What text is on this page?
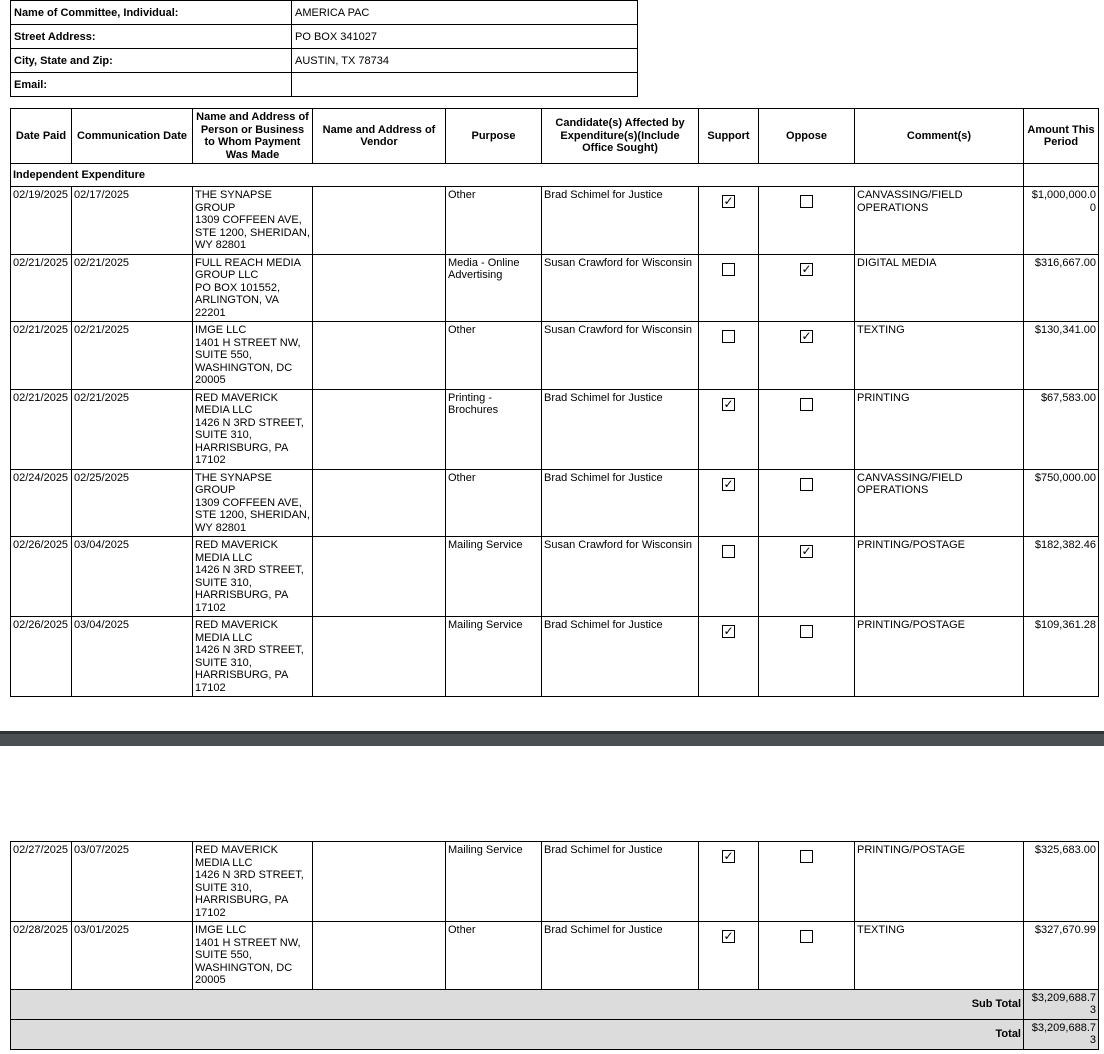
Name of Committee, Individual:	AMERICA PAC
Street Address:	PO BOX 341027
City, State and Zip:	AUSTIN, TX 78734
Email:	
Date Paid	Communication Date	Name and Address of Person or Business to Whom Payment Was Made	Name and Address of Vendor	Purpose	Candidate(s) Affected by Expenditure(s)(Include Office Sought)	Support	Oppose	Comment(s)	Amount This Period
Independent Expenditure									
02/19/2025	02/17/2025	THE SYNAPSE GROUP
1309 COFFEEN AVE, STE 1200, SHERIDAN, WY 82801		Other	Brad Schimel for Justice	✓		CANVASSING/FIELD OPERATIONS	$1,000,000.00
02/21/2025	02/21/2025	FULL REACH MEDIA GROUP LLC
PO BOX 101552, ARLINGTON, VA 22201		Media - Online Advertising	Susan Crawford for Wisconsin		✓	DIGITAL MEDIA	$316,667.00
02/21/2025	02/21/2025	IMGE LLC
1401 H STREET NW, SUITE 550, WASHINGTON, DC 20005		Other	Susan Crawford for Wisconsin		✓	TEXTING	$130,341.00
02/21/2025	02/21/2025	RED MAVERICK MEDIA LLC
1426 N 3RD STREET, SUITE 310, HARRISBURG, PA 17102		Printing - Brochures	Brad Schimel for Justice	✓		PRINTING	$67,583.00
02/24/2025	02/25/2025	THE SYNAPSE GROUP
1309 COFFEEN AVE, STE 1200, SHERIDAN, WY 82801		Other	Brad Schimel for Justice	✓		CANVASSING/FIELD OPERATIONS	$750,000.00
02/26/2025	03/04/2025	RED MAVERICK MEDIA LLC
1426 N 3RD STREET, SUITE 310, HARRISBURG, PA 17102		Mailing Service	Susan Crawford for Wisconsin		✓	PRINTING/POSTAGE	$182,382.46
02/26/2025	03/04/2025	RED MAVERICK MEDIA LLC
1426 N 3RD STREET, SUITE 310, HARRISBURG, PA 17102		Mailing Service	Brad Schimel for Justice	✓		PRINTING/POSTAGE	$109,361.28
02/27/2025	03/07/2025	RED MAVERICK MEDIA LLC
1426 N 3RD STREET, SUITE 310, HARRISBURG, PA 17102		Mailing Service	Brad Schimel for Justice	✓		PRINTING/POSTAGE	$325,683.00
02/28/2025	03/01/2025	IMGE LLC
1401 H STREET NW, SUITE 550, WASHINGTON, DC 20005		Other	Brad Schimel for Justice	✓		TEXTING	$327,670.99
Sub Total									$3,209,688.73
Total									$3,209,688.73
